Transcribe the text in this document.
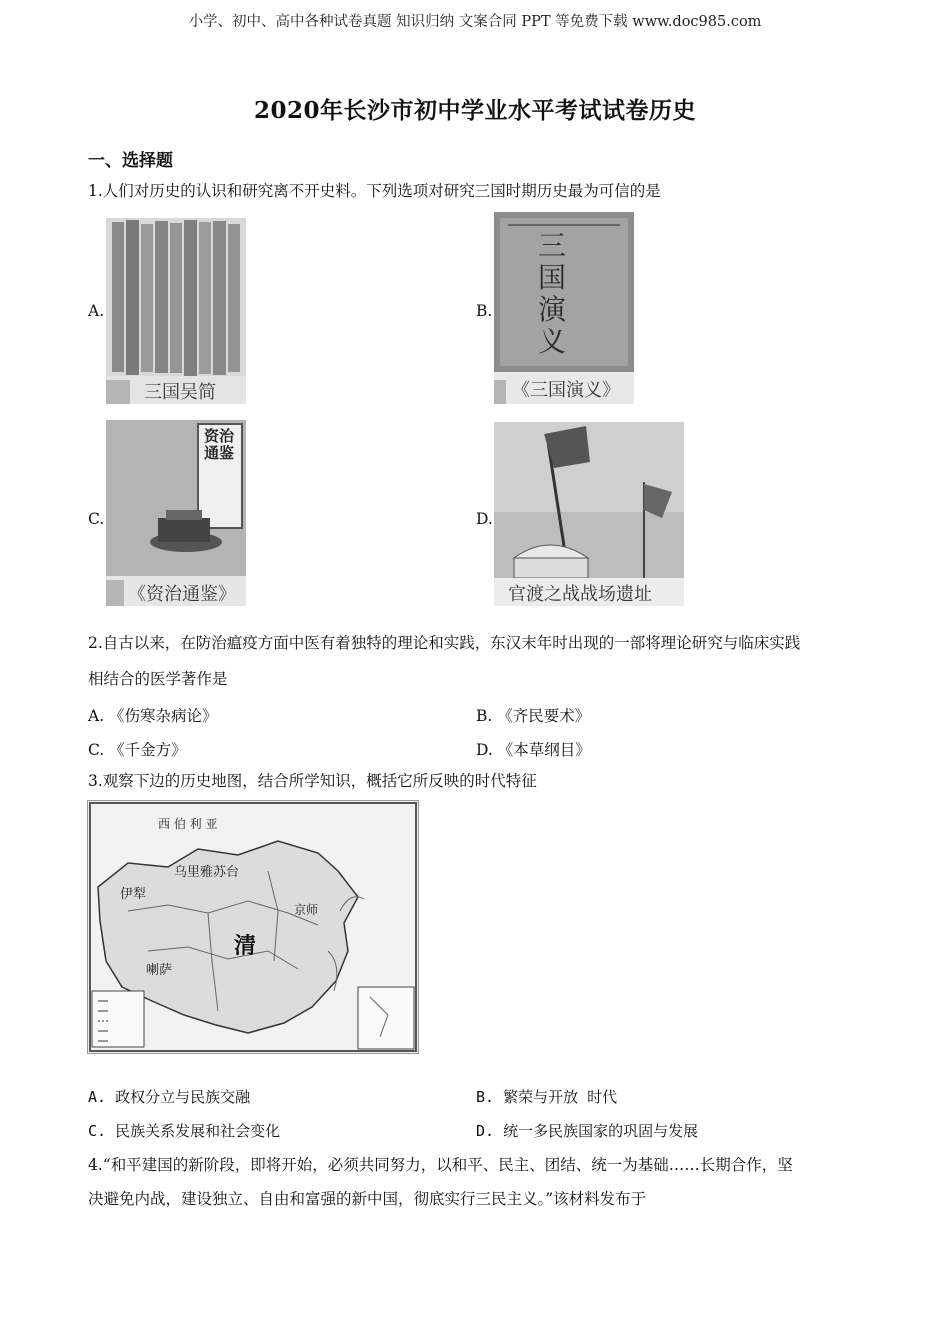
小学、初中、高中各种试卷真题 知识归纳 文案合同 PPT 等免费下载 www.doc985.com
2020年长沙市初中学业水平考试试卷历史
一、选择题
1.人们对历史的认识和研究离不开史料。下列选项对研究三国时期历史最为可信的是
A.
三国吴简
B.
三国演义
《三国演义》
C.
资治通鉴
《资治通鉴》
D.
官渡之战战场遗址
2.自古以来，在防治瘟疫方面中医有着独特的理论和实践，东汉末年时出现的一部将理论研究与临床实践
相结合的医学著作是
A. 《伤寒杂病论》	B. 《齐民要术》
C. 《千金方》	D. 《本草纲目》
3.观察下边的历史地图，结合所学知识，概括它所反映的时代特征
西 伯 利 亚
乌里雅苏台
伊犁
京师
清
喇萨
A. 政权分立与民族交融	B. 繁荣与开放 时代
C. 民族关系发展和社会变化	D. 统一多民族国家的巩固与发展
4.“和平建国的新阶段，即将开始，必须共同努力，以和平、民主、团结、统一为基础……长期合作，坚
决避免内战，建设独立、自由和富强的新中国，彻底实行三民主义。”该材料发布于
